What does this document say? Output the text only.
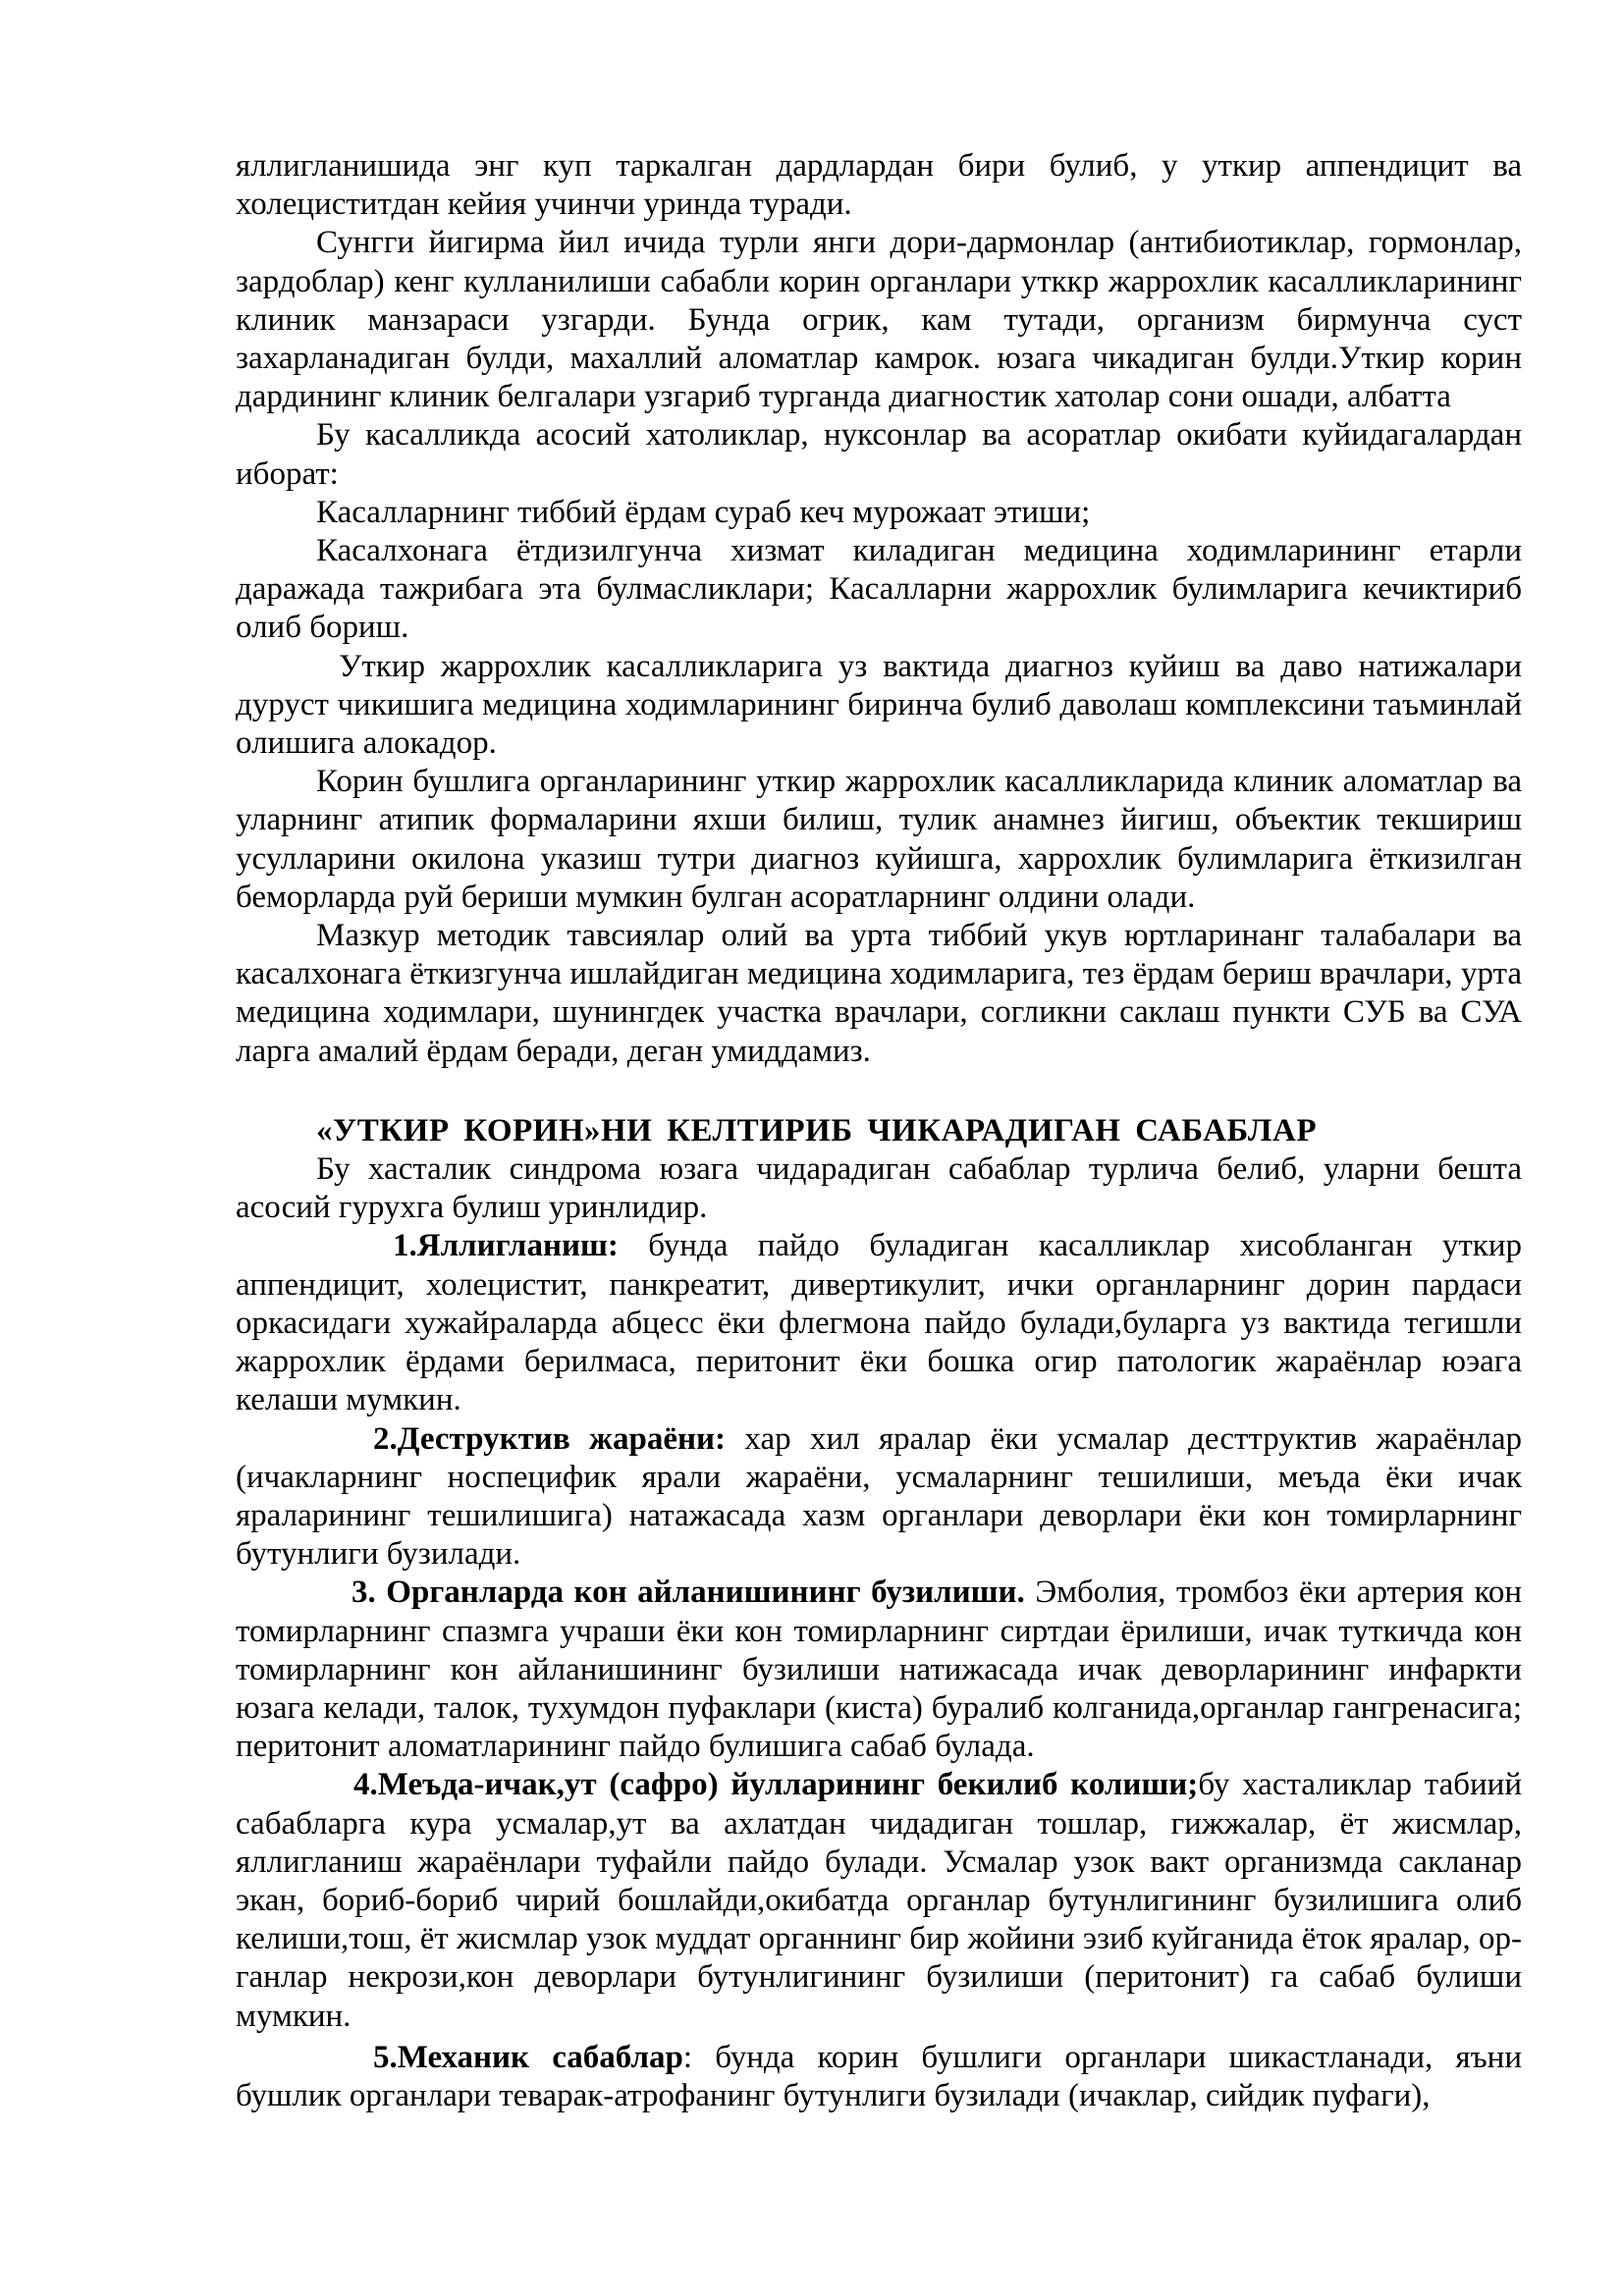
яллигланишида энг куп таркалган дардлардан бири булиб, у уткир аппендицит ва холециститдан кейия учинчи уринда туради.

Сунгги йигирма йил ичида турли янги дори-дармонлар (антибиотиклар, гормонлар, зардоблар) кенг кулланилиши сабабли корин органлари утккр жаррохлик касалликларининг клиник манзараси узгарди. Бунда огрик, кам тутади, организм бирмунча суст захарланадиган булди, махаллий аломатлар камрок. юзага чикадиган булди.Уткир корин дардининг клиник белгалари узгариб турганда диагностик хатолар сони ошади, албатта

Бу касалликда асосий хатоликлар, нуксонлар ва асоратлар окибати куйидагалардан иборат:

Касалларнинг тиббий ёрдам сураб кеч мурожаат этиши;

Касалхонага ётдизилгунча хизмат киладиган медицина ходимларининг етарли даражада тажрибага эта булмасликлари; Касалларни жаррохлик булимларига кечиктириб олиб бориш.

Уткир жаррохлик касалликларига уз вактида диагноз куйиш ва даво натижалари дуруст чикишига медицина ходимларининг биринча булиб даволаш комплексини таъминлай олишига алокадор.

Корин бушлига органларининг уткир жаррохлик касалликларида клиник аломатлар ва уларнинг атипик формаларини яхши билиш, тулик анамнез йигиш, объектик текшириш усулларини окилона указиш тутри диагноз куйишга, харрохлик булимларига ёткизилган беморларда руй бериши мумкин булган асоратларнинг олдини олади.

Мазкур методик тавсиялар олий ва урта тиббий укув юртларинанг талабалари ва касалхонага ёткизгунча ишлайдиган медицина ходимларига, тез ёрдам бериш врачлари, урта медицина ходимлари, шунингдек участка врачлари, согликни саклаш пункти СУБ ва СУА ларга амалий ёрдам беради, деган умиддамиз.

«УТКИР КОРИН»НИ КЕЛТИРИБ ЧИКАРАДИГАН САБАБЛАР

Бу хасталик синдрома юзага чидарадиган сабаблар турлича белиб, уларни бешта асосий гурухга булиш уринлидир.

1.Яллигланиш: бунда пайдо буладиган касалликлар хисобланган уткир аппендицит, холецистит, панкреатит, дивертикулит, ички органларнинг дорин пардаси оркасидаги хужайраларда абцесс ёки флегмона пайдо булади,буларга уз вактида тегишли жаррохлик ёрдами берилмаса, перитонит ёки бошка огир патологик жараёнлар юэага келаши мумкин.

2.Деструктив жараёни: хар хил яралар ёки усмалар десттруктив жараёнлар (ичакларнинг носпецифик ярали жараёни, усмаларнинг тешилиши, меъда ёки ичак яраларининг тешилишига) натажасада хазм органлари деворлари ёки кон томирларнинг бутунлиги бузилади.

3. Органларда кон айланишининг бузилиши. Эмболия, тромбоз ёки артерия кон томирларнинг спазмга учраши ёки кон томирларнинг сиртдаи ёрилиши, ичак туткичда кон томирларнинг кон айланишининг бузилиши натижасада ичак деворларининг инфаркти юзага келади, талок, тухумдон пуфаклари (киста) буралиб колганида,органлар гангренасига; перитонит аломатларининг пайдо булишига сабаб булада.

4.Меъда-ичак,ут (сафро) йулларининг бекилиб колиши;бу хасталиклар табиий сабабларга кура усмалар,ут ва ахлатдан чидадиган тошлар, гижжалар, ёт жисмлар, яллигланиш жараёнлари туфайли пайдо булади. Усмалар узок вакт организмда сакланар экан, бориб-бориб чирий бошлайди,окибатда органлар бутунлигининг бузилишига олиб келиши,тош, ёт жисмлар узок муддат органнинг бир жойини эзиб куйганида ёток яралар, ор- ганлар некрози,кон деворлари бутунлигининг бузилиши (перитонит) га сабаб булиши мумкин.

5.Механик сабаблар: бунда корин бушлиги органлари шикастланади, яъни бушлик органлари теварак-атрофанинг бутунлиги бузилади (ичаклар, сийдик пуфаги),
